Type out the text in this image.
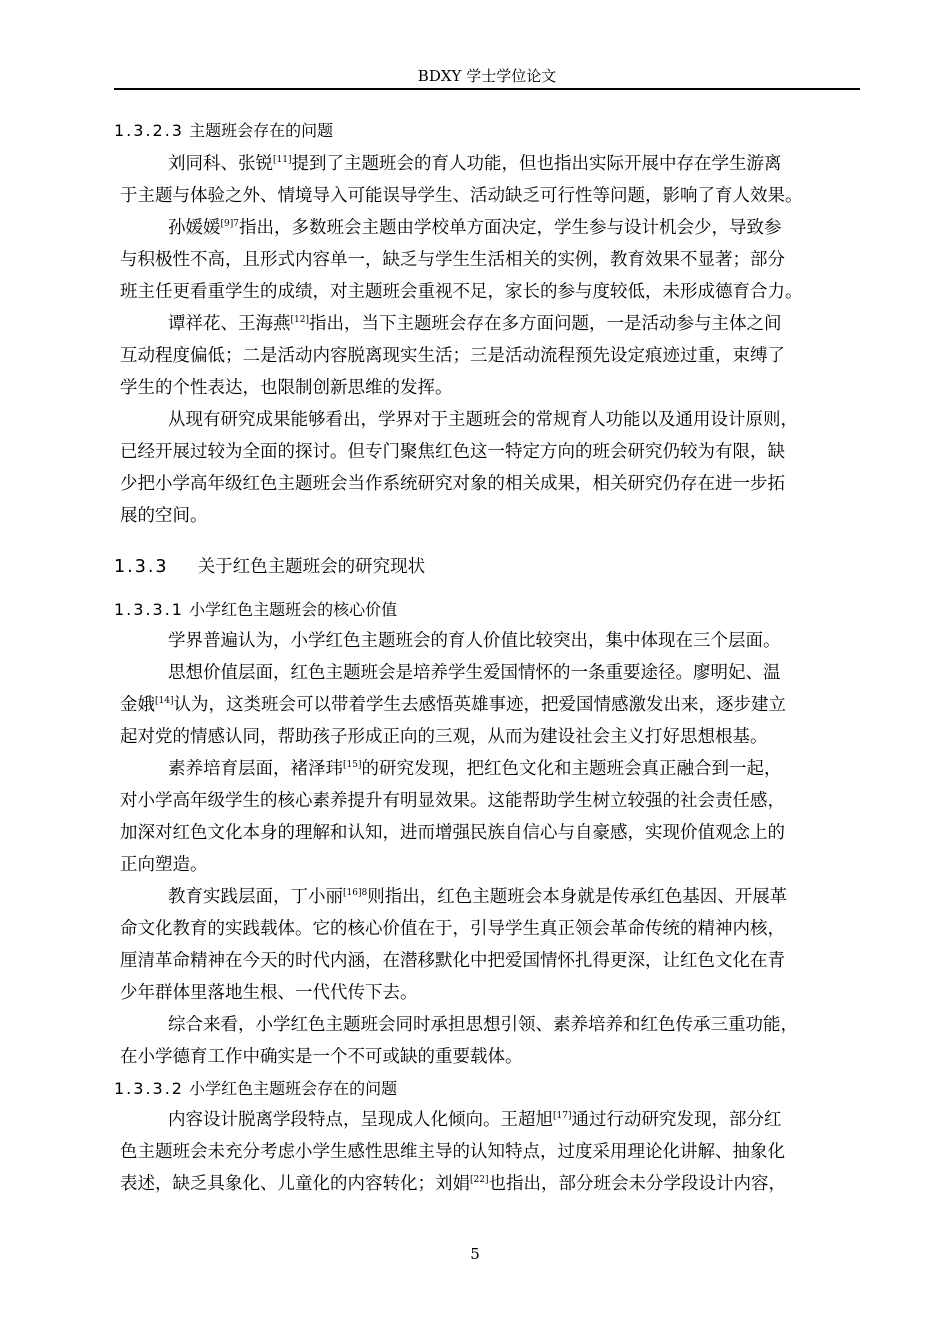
BDXY 学士学位论文
1.3.2.3 主题班会存在的问题
刘同科、张锐[11]提到了主题班会的育人功能，但也指出实际开展中存在学生游离
于主题与体验之外、情境导入可能误导学生、活动缺乏可行性等问题，影响了育人效果。
孙媛媛$^{[9]7}$指出，多数班会主题由学校单方面决定，学生参与设计机会少，导致参
与积极性不高，且形式内容单一，缺乏与学生生活相关的实例，教育效果不显著；部分
班主任更看重学生的成绩，对主题班会重视不足，家长的参与度较低，未形成德育合力。
谭祥花、王海燕[12]指出，当下主题班会存在多方面问题，一是活动参与主体之间
互动程度偏低；二是活动内容脱离现实生活；三是活动流程预先设定痕迹过重，束缚了
学生的个性表达，也限制创新思维的发挥。
从现有研究成果能够看出，学界对于主题班会的常规育人功能以及通用设计原则，
已经开展过较为全面的探讨。但专门聚焦红色这一特定方向的班会研究仍较为有限，缺
少把小学高年级红色主题班会当作系统研究对象的相关成果，相关研究仍存在进一步拓
展的空间。
1.3.3 关于红色主题班会的研究现状
1.3.3.1 小学红色主题班会的核心价值
学界普遍认为，小学红色主题班会的育人价值比较突出，集中体现在三个层面。
思想价值层面，红色主题班会是培养学生爱国情怀的一条重要途径。廖明妃、温
金娥[14]认为，这类班会可以带着学生去感悟英雄事迹，把爱国情感激发出来，逐步建立
起对党的情感认同，帮助孩子形成正向的三观，从而为建设社会主义打好思想根基。
素养培育层面，褚泽玮[15]的研究发现，把红色文化和主题班会真正融合到一起，
对小学高年级学生的核心素养提升有明显效果。这能帮助学生树立较强的社会责任感，
加深对红色文化本身的理解和认知，进而增强民族自信心与自豪感，实现价值观念上的
正向塑造。
教育实践层面，丁小丽$^{[16]8}$则指出，红色主题班会本身就是传承红色基因、开展革
命文化教育的实践载体。它的核心价值在于，引导学生真正领会革命传统的精神内核，
厘清革命精神在今天的时代内涵，在潜移默化中把爱国情怀扎得更深，让红色文化在青
少年群体里落地生根、一代代传下去。
综合来看，小学红色主题班会同时承担思想引领、素养培养和红色传承三重功能，
在小学德育工作中确实是一个不可或缺的重要载体。
1.3.3.2 小学红色主题班会存在的问题
内容设计脱离学段特点，呈现成人化倾向。王超旭[17]通过行动研究发现，部分红
色主题班会未充分考虑小学生感性思维主导的认知特点，过度采用理论化讲解、抽象化
表述，缺乏具象化、儿童化的内容转化；刘娟[22]也指出，部分班会未分学段设计内容，
5
